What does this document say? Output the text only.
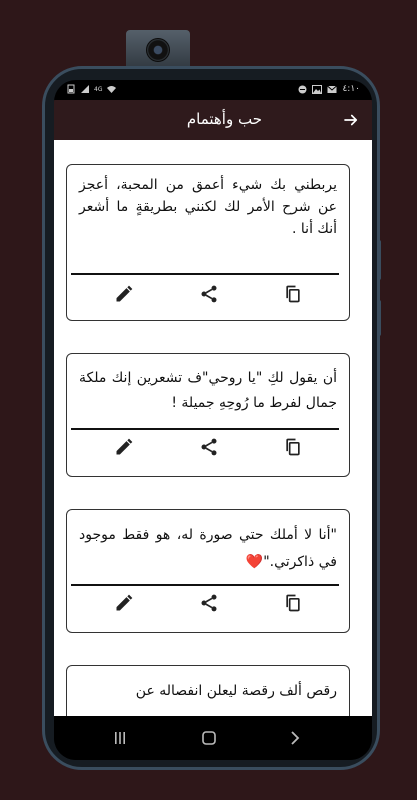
4G	٤:١٠
حب وأهتمام
يربطني بك شيء أعمق من المحبة، أعجز عن شرح الأمر لك لكنني بطريقةٍ ما أشعر أنك أنا .
أن يقول لكِ "يا روحي"ف تشعرين إنك ملكة جمال لفرط ما رُوحِهِ جميلة !
"أنا لا أملك حتي صورة له، هو فقط موجود في ذاكرتي."❤️
رقص ألف رقصة ليعلن انفصاله عن
